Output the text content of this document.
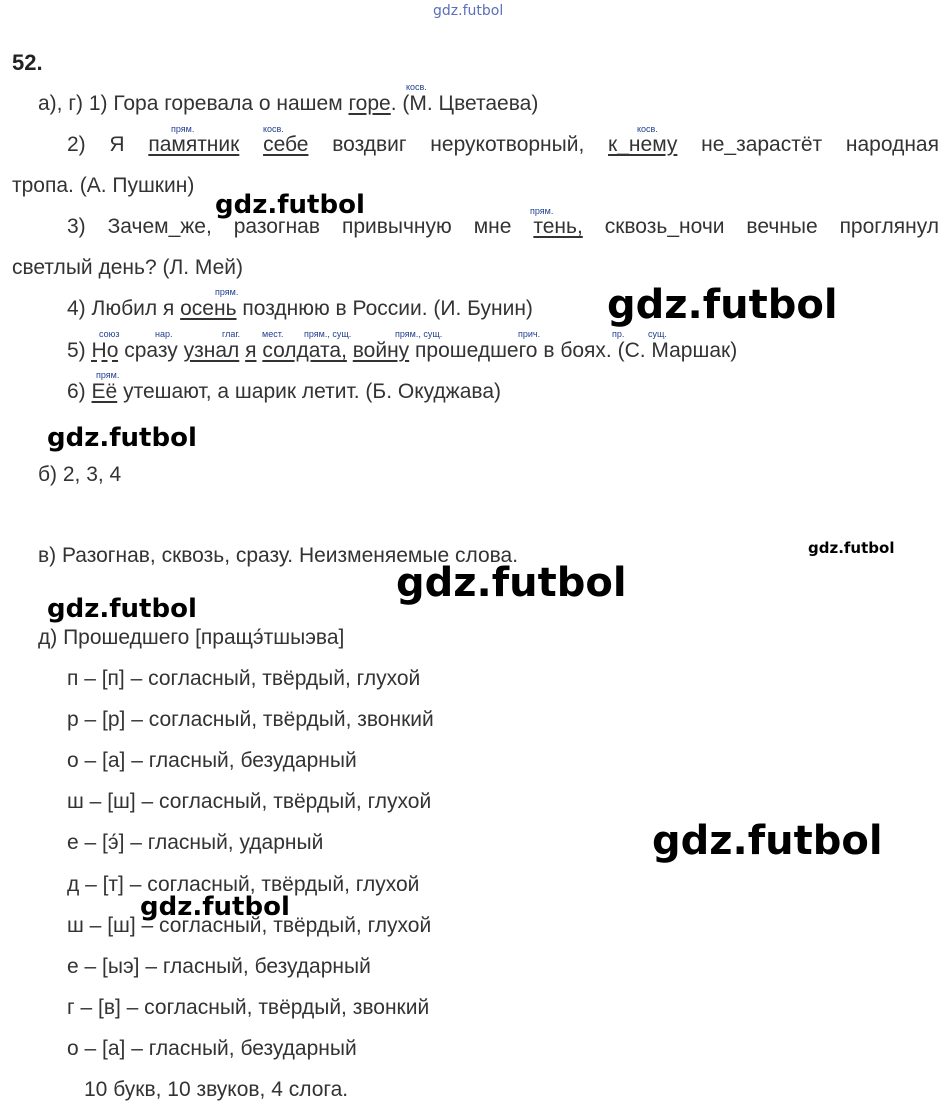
gdz.futbol
gdz.futbol
gdz.futbol
gdz.futbol
gdz.futbol
gdz.futbol
gdz.futbol
gdz.futbol
gdz.futbol
52.
а), г) 1) Гора горевала о нашем горе. (М. Цветаева)
косв.
2) Я памятник себе воздвиг нерукотворный, к_нему не_зарастёт народная
прям.	косв.	косв.
тропа. (А. Пушкин)
3) Зачем_же, разогнав привычную мне тень, сквозь_ночи вечные проглянул
прям.
светлый день? (Л. Мей)
4) Любил я осень позднюю в России. (И. Бунин)
прям.
5) Но сразу узнал я солдата, войну прошедшего в боях. (С. Маршак)
союз	нар.	глаг. мест. прям., сущ.	прям., сущ.	прич.	пр.	сущ.
6) Её утешают, а шарик летит. (Б. Окуджава)
прям.
б) 2, 3, 4
в) Разогнав, сквозь, сразу. Неизменяемые слова.
д) Прошедшего [пращэ́тшыэва]
п – [п] – согласный, твёрдый, глухой
р – [р] – согласный, твёрдый, звонкий
о – [а] – гласный, безударный
ш – [ш] – согласный, твёрдый, глухой
е – [э́] – гласный, ударный
д – [т] – согласный, твёрдый, глухой
ш – [ш] – согласный, твёрдый, глухой
е – [ыэ] – гласный, безударный
г – [в] – согласный, твёрдый, звонкий
о – [а] – гласный, безударный
10 букв, 10 звуков, 4 слога.
